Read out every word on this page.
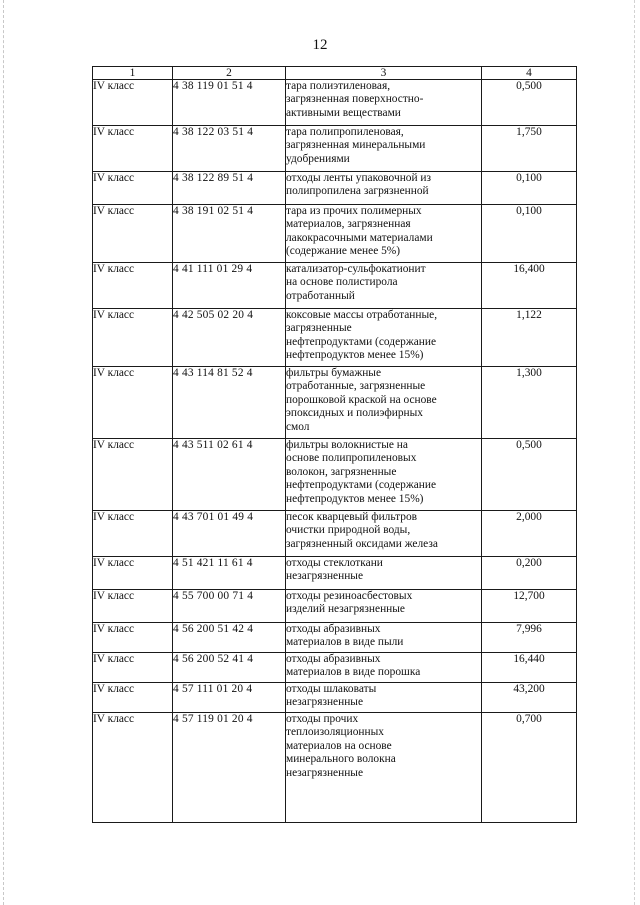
12
1	2	3	4
IV класс	4 38 119 01 51 4	тара полиэтиленовая,
загрязненная поверхностно-
активными веществами	0,500
IV класс	4 38 122 03 51 4	тара полипропиленовая,
загрязненная минеральными
удобрениями	1,750
IV класс	4 38 122 89 51 4	отходы ленты упаковочной из
полипропилена загрязненной	0,100
IV класс	4 38 191 02 51 4	тара из прочих полимерных
материалов, загрязненная
лакокрасочными материалами
(содержание менее 5%)	0,100
IV класс	4 41 111 01 29 4	катализатор-сульфокатионит
на основе полистирола
отработанный	16,400
IV класс	4 42 505 02 20 4	коксовые массы отработанные,
загрязненные
нефтепродуктами (содержание
нефтепродуктов менее 15%)	1,122
IV класс	4 43 114 81 52 4	фильтры бумажные
отработанные, загрязненные
порошковой краской на основе
эпоксидных и полиэфирных
смол	1,300
IV класс	4 43 511 02 61 4	фильтры волокнистые на
основе полипропиленовых
волокон, загрязненные
нефтепродуктами (содержание
нефтепродуктов менее 15%)	0,500
IV класс	4 43 701 01 49 4	песок кварцевый фильтров
очистки природной воды,
загрязненный оксидами железа	2,000
IV класс	4 51 421 11 61 4	отходы стеклоткани
незагрязненные	0,200
IV класс	4 55 700 00 71 4	отходы резиноасбестовых
изделий незагрязненные	12,700
IV класс	4 56 200 51 42 4	отходы абразивных
материалов в виде пыли	7,996
IV класс	4 56 200 52 41 4	отходы абразивных
материалов в виде порошка	16,440
IV класс	4 57 111 01 20 4	отходы шлаковаты
незагрязненные	43,200
IV класс	4 57 119 01 20 4	отходы прочих
теплоизоляционных
материалов на основе
минерального волокна
незагрязненные	0,700
